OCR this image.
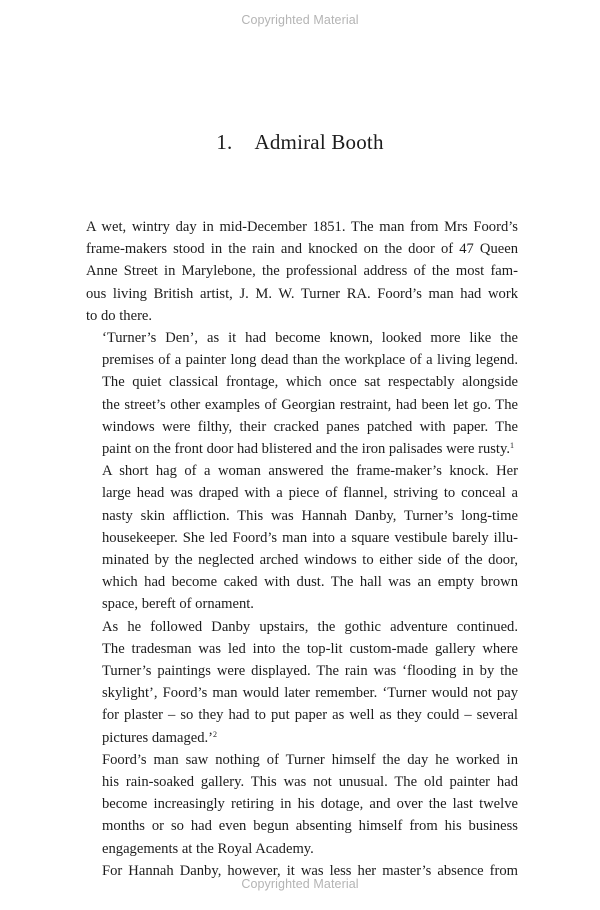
Copyrighted Material
1. Admiral Booth

A wet, wintry day in mid-December 1851. The man from Mrs Foord’s
frame-makers stood in the rain and knocked on the door of 47 Queen
Anne Street in Marylebone, the professional address of the most fam-
ous living British artist, J. M. W. Turner RA. Foord’s man had work
to do there.

‘Turner’s Den’, as it had become known, looked more like the
premises of a painter long dead than the workplace of a living legend.
The quiet classical frontage, which once sat respectably alongside
the street’s other examples of Georgian restraint, had been let go. The
windows were filthy, their cracked panes patched with paper. The
paint on the front door had blistered and the iron palisades were rusty.$^1$

A short hag of a woman answered the frame-maker’s knock. Her
large head was draped with a piece of flannel, striving to conceal a
nasty skin affliction. This was Hannah Danby, Turner’s long-time
housekeeper. She led Foord’s man into a square vestibule barely illu-
minated by the neglected arched windows to either side of the door,
which had become caked with dust. The hall was an empty brown
space, bereft of ornament.

As he followed Danby upstairs, the gothic adventure continued.
The tradesman was led into the top-lit custom-made gallery where
Turner’s paintings were displayed. The rain was ‘flooding in by the
skylight’, Foord’s man would later remember. ‘Turner would not pay
for plaster – so they had to put paper as well as they could – several
pictures damaged.’$^2$

Foord’s man saw nothing of Turner himself the day he worked in
his rain-soaked gallery. This was not unusual. The old painter had
become increasingly retiring in his dotage, and over the last twelve
months or so had even begun absenting himself from his business
engagements at the Royal Academy.

For Hannah Danby, however, it was less her master’s absence from

Copyrighted Material
